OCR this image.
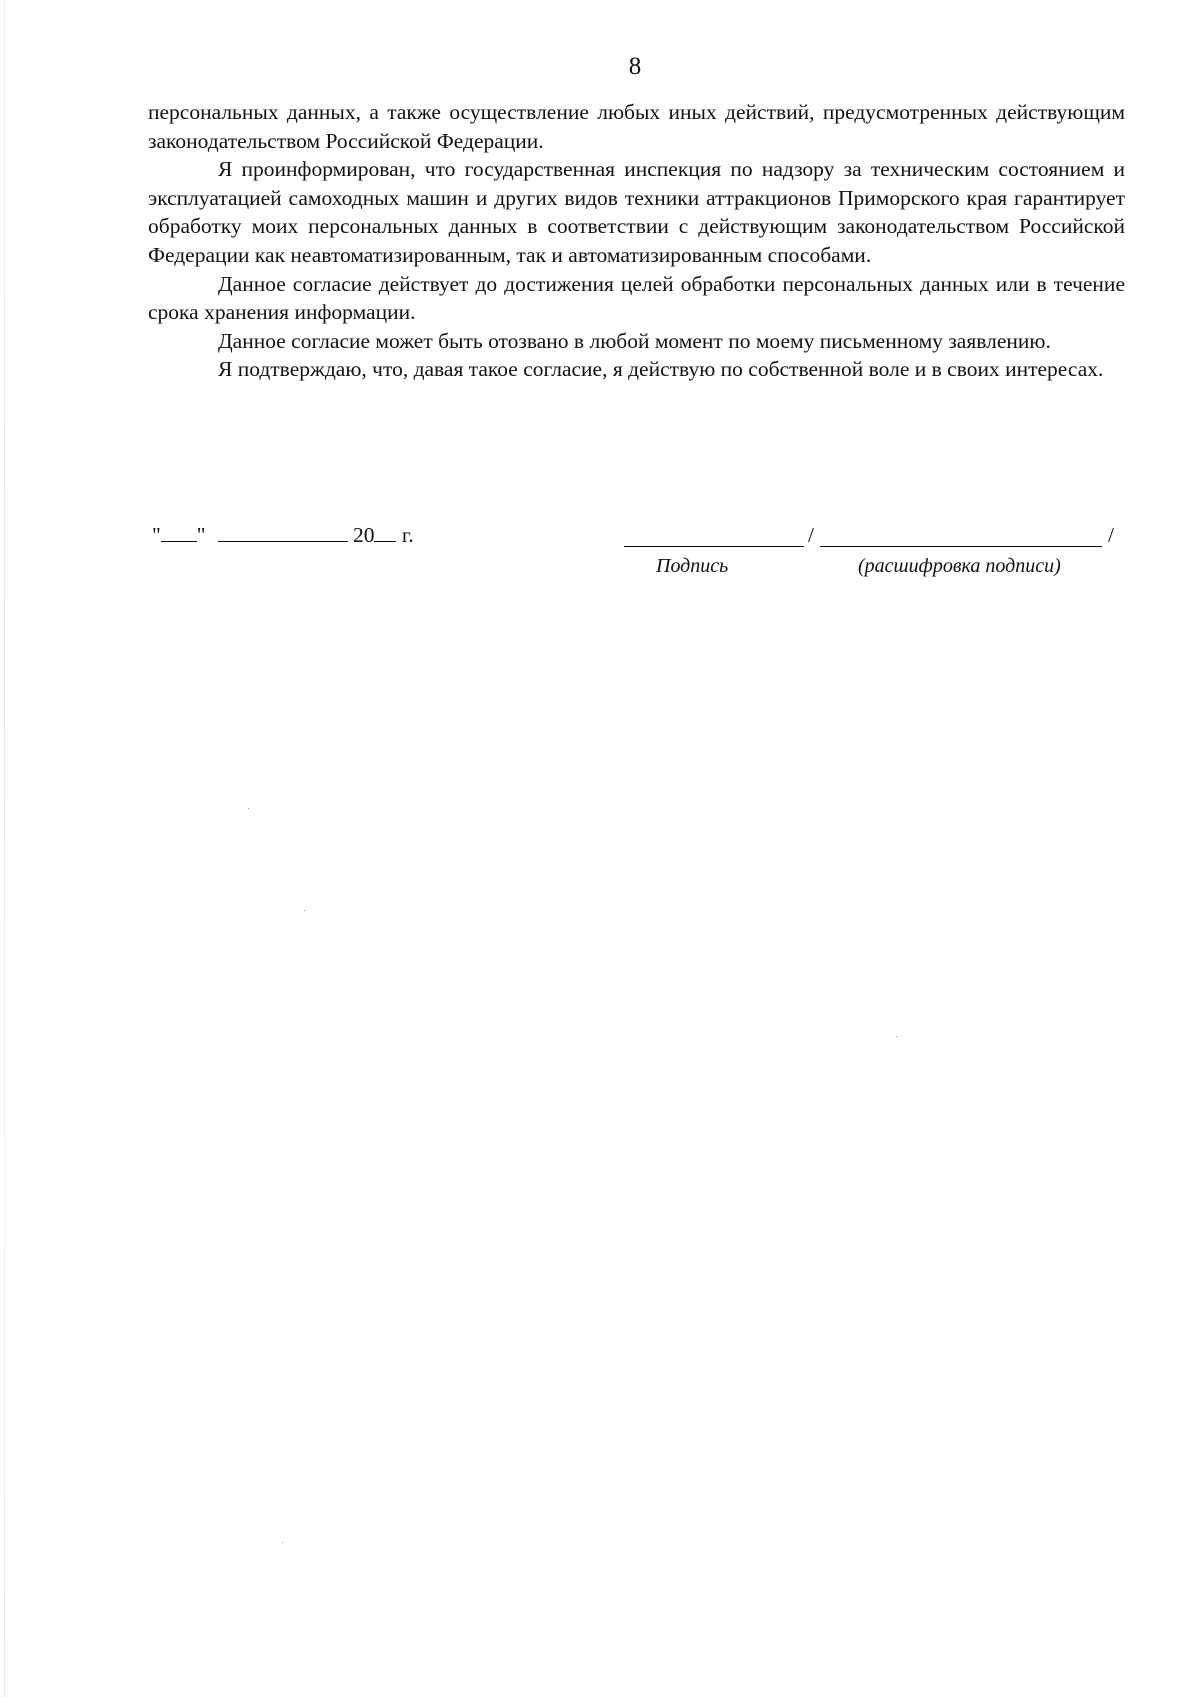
8

персональных данных, а также осуществление любых иных действий, предусмотренных действующим законодательством Российской Федерации.

Я проинформирован, что государственная инспекция по надзору за техническим состоянием и эксплуатацией самоходных машин и других видов техники аттракционов Приморского края гарантирует обработку моих персональных данных в соответствии с действующим законодательством Российской Федерации как неавтоматизированным, так и автоматизированным способами.

Данное согласие действует до достижения целей обработки персональных данных или в течение срока хранения информации.

Данное согласие может быть отозвано в любой момент по моему письменному заявлению.

Я подтверждаю, что, давая такое согласие, я действую по собственной воле и в своих интересах.

" "	20 г.	/	/
Подпись	(расшифровка подписи)
